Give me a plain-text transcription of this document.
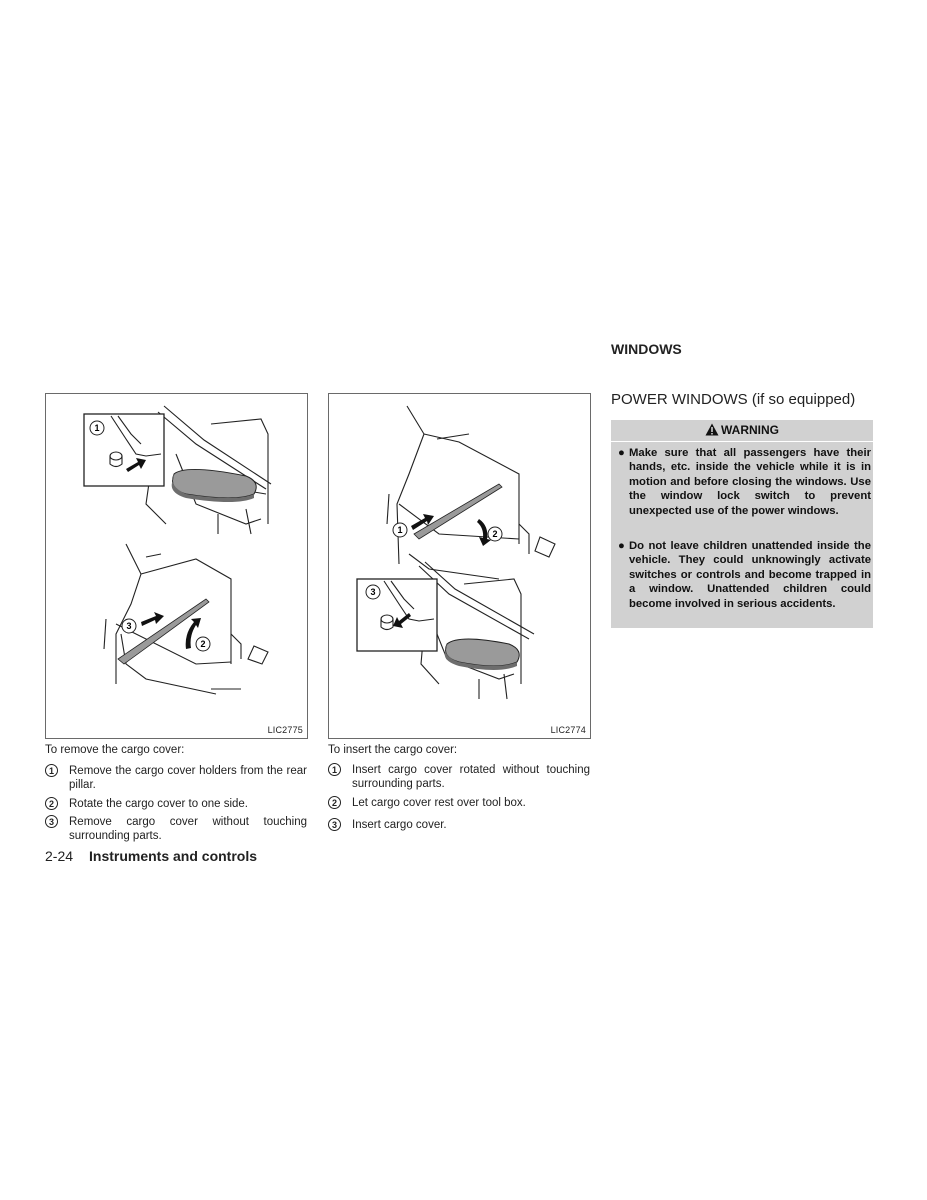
1
3
2
LIC2775
1	2
3
LIC2774
To remove the cargo cover:
1	Remove the cargo cover holders from the rear pillar.
2	Rotate the cargo cover to one side.
3	Remove cargo cover without touching surrounding parts.
To insert the cargo cover:
1	Insert cargo cover rotated without touching surrounding parts.
2	Let cargo cover rest over tool box.
3	Insert cargo cover.
2-24 Instruments and controls
WINDOWS
POWER WINDOWS (if so equipped)
WARNING
● Make sure that all passengers have their hands, etc. inside the vehicle while it is in motion and before closing the windows. Use the window lock switch to prevent unexpected use of the power windows.
● Do not leave children unattended inside the vehicle. They could unknowingly activate switches or controls and become trapped in a window. Unattended children could become involved in serious accidents.
